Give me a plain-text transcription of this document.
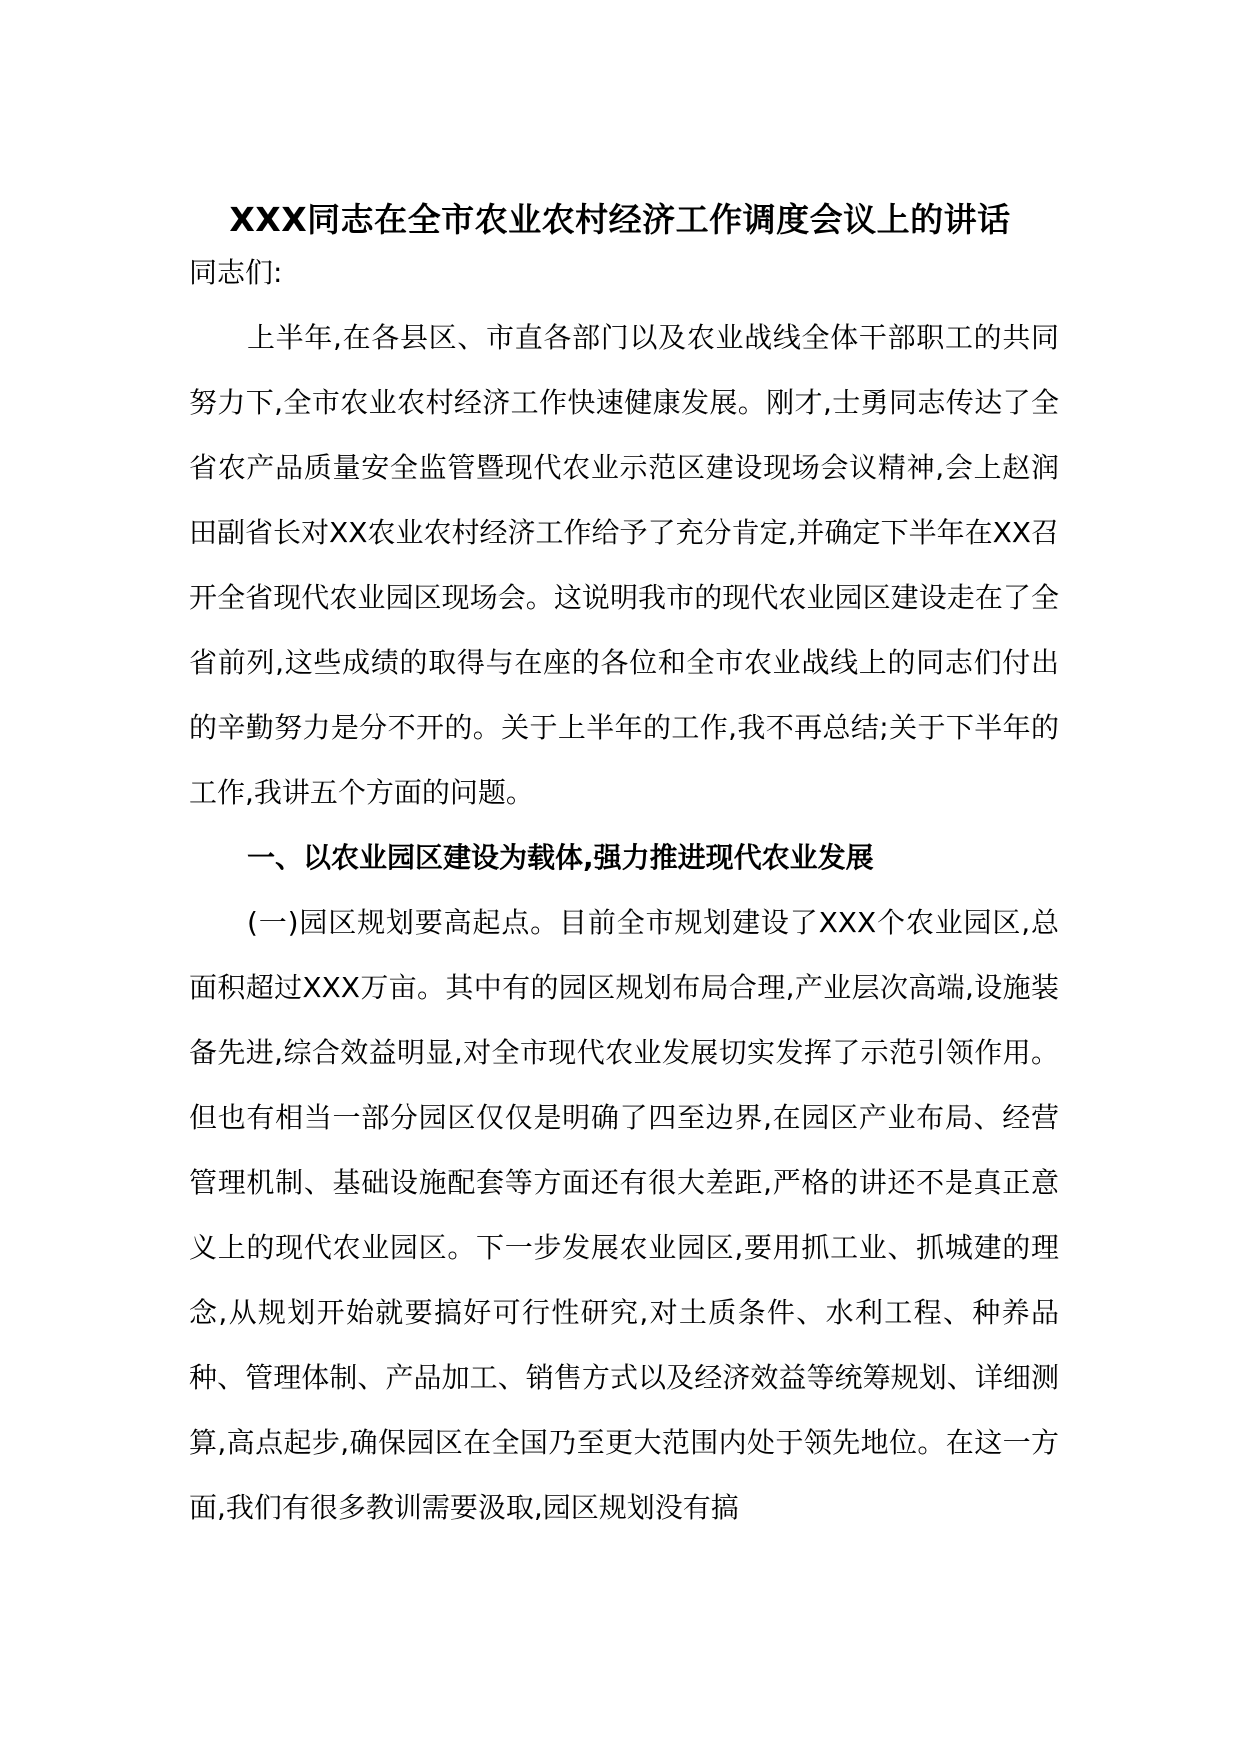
XXX同志在全市农业农村经济工作调度会议上的讲话

同志们:

上半年,在各县区、市直各部门以及农业战线全体干部职工的共同努力下,全市农业农村经济工作快速健康发展。刚才,士勇同志传达了全省农产品质量安全监管暨现代农业示范区建设现场会议精神,会上赵润田副省长对XX农业农村经济工作给予了充分肯定,并确定下半年在XX召开全省现代农业园区现场会。这说明我市的现代农业园区建设走在了全省前列,这些成绩的取得与在座的各位和全市农业战线上的同志们付出的辛勤努力是分不开的。关于上半年的工作,我不再总结;关于下半年的工作,我讲五个方面的问题。

一、以农业园区建设为载体,强力推进现代农业发展

(一)园区规划要高起点。目前全市规划建设了XXX个农业园区,总面积超过XXX万亩。其中有的园区规划布局合理,产业层次高端,设施装备先进,综合效益明显,对全市现代农业发展切实发挥了示范引领作用。但也有相当一部分园区仅仅是明确了四至边界,在园区产业布局、经营管理机制、基础设施配套等方面还有很大差距,严格的讲还不是真正意义上的现代农业园区。下一步发展农业园区,要用抓工业、抓城建的理念,从规划开始就要搞好可行性研究,对土质条件、水利工程、种养品种、管理体制、产品加工、销售方式以及经济效益等统筹规划、详细测算,高点起步,确保园区在全国乃至更大范围内处于领先地位。在这一方面,我们有很多教训需要汲取,园区规划没有搞
